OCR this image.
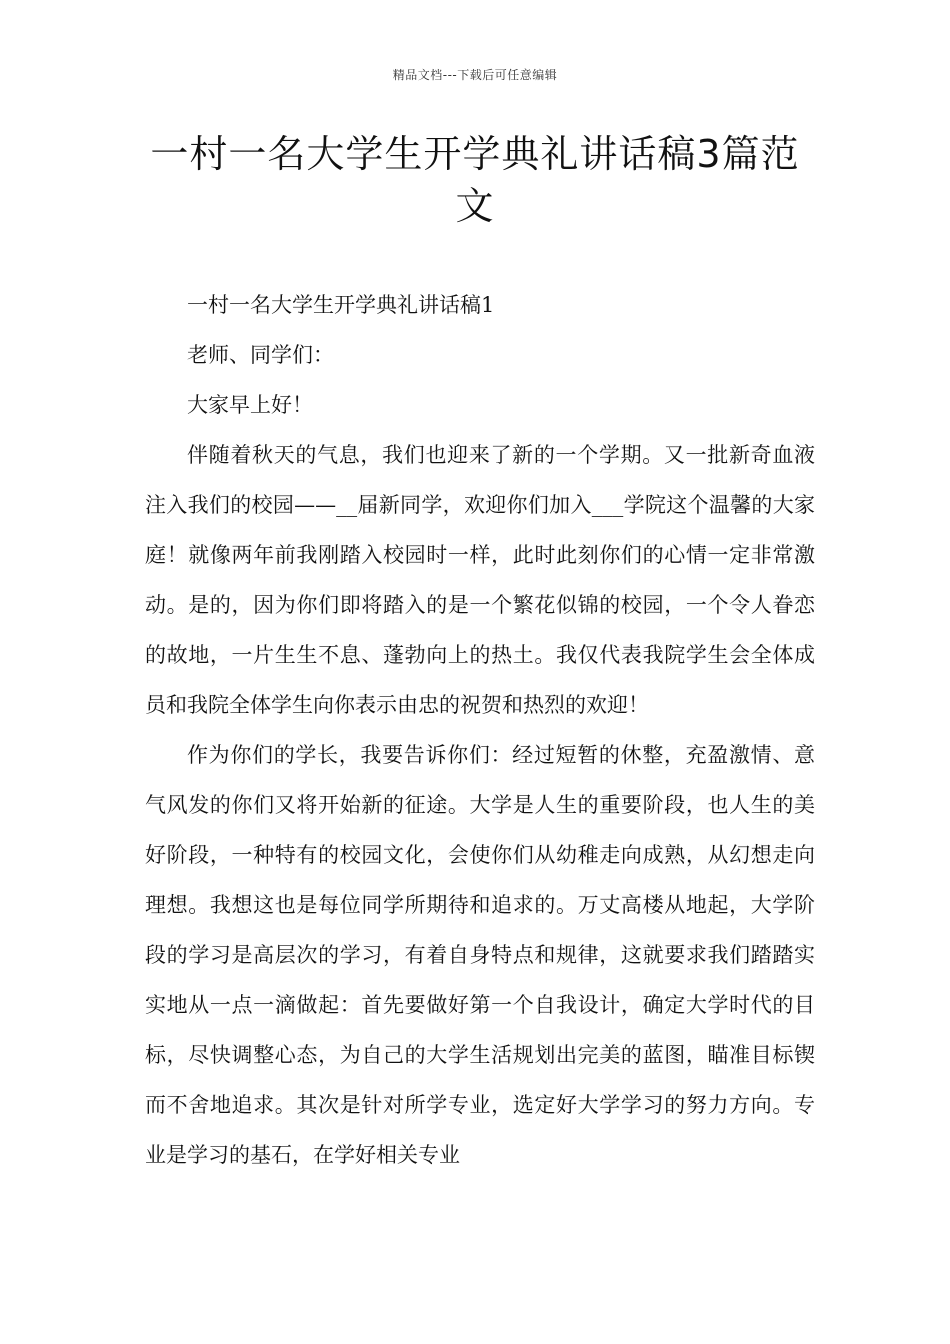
精品文档---下载后可任意编辑
一村一名大学生开学典礼讲话稿3篇范文

一村一名大学生开学典礼讲话稿1

老师、同学们：

大家早上好！

伴随着秋天的气息，我们也迎来了新的一个学期。又一批新奇血液注入我们的校园——__届新同学，欢迎你们加入___学院这个温馨的大家庭！就像两年前我刚踏入校园时一样，此时此刻你们的心情一定非常激动。是的，因为你们即将踏入的是一个繁花似锦的校园，一个令人眷恋的故地，一片生生不息、蓬勃向上的热土。我仅代表我院学生会全体成员和我院全体学生向你表示由忠的祝贺和热烈的欢迎！

作为你们的学长，我要告诉你们：经过短暂的休整，充盈激情、意气风发的你们又将开始新的征途。大学是人生的重要阶段，也人生的美好阶段，一种特有的校园文化，会使你们从幼稚走向成熟，从幻想走向理想。我想这也是每位同学所期待和追求的。万丈高楼从地起，大学阶段的学习是高层次的学习，有着自身特点和规律，这就要求我们踏踏实实地从一点一滴做起：首先要做好第一个自我设计，确定大学时代的目标，尽快调整心态，为自己的大学生活规划出完美的蓝图，瞄准目标锲而不舍地追求。其次是针对所学专业，选定好大学学习的努力方向。专业是学习的基石，在学好相关专业
